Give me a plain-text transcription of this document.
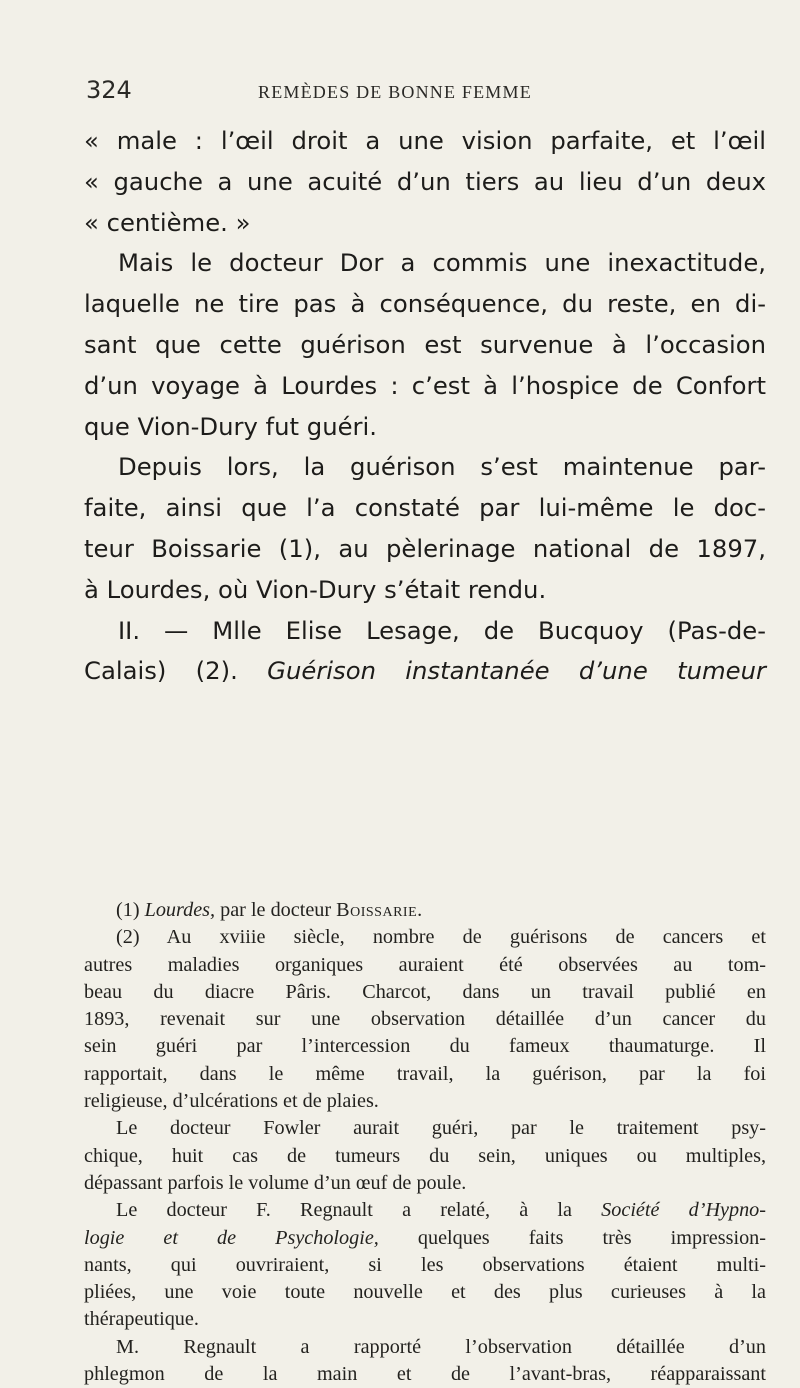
324	REMÈDES DE BONNE FEMME
« male : l’œil droit a une vision parfaite, et l’œil
« gauche a une acuité d’un tiers au lieu d’un deux
« centième. »
Mais le docteur Dor a commis une inexactitude,
laquelle ne tire pas à conséquence, du reste, en di-
sant que cette guérison est survenue à l’occasion
d’un voyage à Lourdes : c’est à l’hospice de Confort
que Vion-Dury fut guéri.
Depuis lors, la guérison s’est maintenue par-
faite, ainsi que l’a constaté par lui-même le doc-
teur Boissarie (1), au pèlerinage national de 1897,
à Lourdes, où Vion-Dury s’était rendu.
II. — Mlle Elise Lesage, de Bucquoy (Pas-de-
Calais) (2). Guérison instantanée d’une tumeur
(1) Lourdes, par le docteur Boissarie.
(2) Au xviiie siècle, nombre de guérisons de cancers et
autres maladies organiques auraient été observées au tom-
beau du diacre Pâris. Charcot, dans un travail publié en
1893, revenait sur une observation détaillée d’un cancer du
sein guéri par l’intercession du fameux thaumaturge. Il
rapportait, dans le même travail, la guérison, par la foi
religieuse, d’ulcérations et de plaies.
Le docteur Fowler aurait guéri, par le traitement psy-
chique, huit cas de tumeurs du sein, uniques ou multiples,
dépassant parfois le volume d’un œuf de poule.
Le docteur F. Regnault a relaté, à la Société d’Hypno-
logie et de Psychologie, quelques faits très impression-
nants, qui ouvriraient, si les observations étaient multi-
pliées, une voie toute nouvelle et des plus curieuses à la
thérapeutique.
M. Regnault a rapporté l’observation détaillée d’un
phlegmon de la main et de l’avant-bras, réapparaissant
